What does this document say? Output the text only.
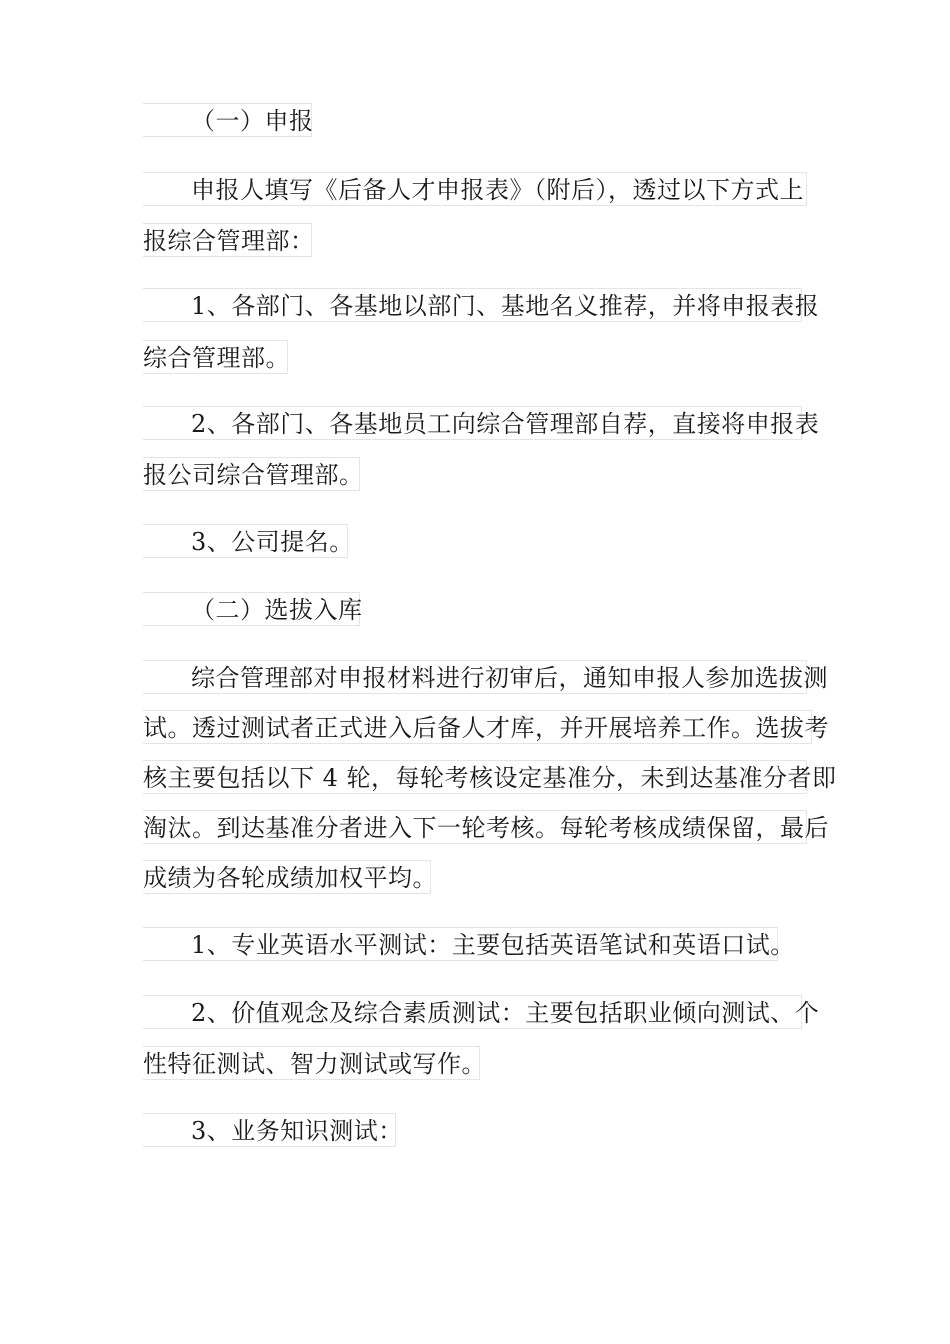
（一）申报
申报人填写《后备人才申报表》（附后），透过以下方式上
报综合管理部：
1、各部门、各基地以部门、基地名义推荐，并将申报表报
综合管理部。
2、各部门、各基地员工向综合管理部自荐，直接将申报表
报公司综合管理部。
3、公司提名。
（二）选拔入库
综合管理部对申报材料进行初审后，通知申报人参加选拔测
试。透过测试者正式进入后备人才库，并开展培养工作。选拔考
核主要包括以下 4 轮，每轮考核设定基准分，未到达基准分者即
淘汰。到达基准分者进入下一轮考核。每轮考核成绩保留，最后
成绩为各轮成绩加权平均。
1、专业英语水平测试：主要包括英语笔试和英语口试。
2、价值观念及综合素质测试：主要包括职业倾向测试、个
性特征测试、智力测试或写作。
3、业务知识测试：
